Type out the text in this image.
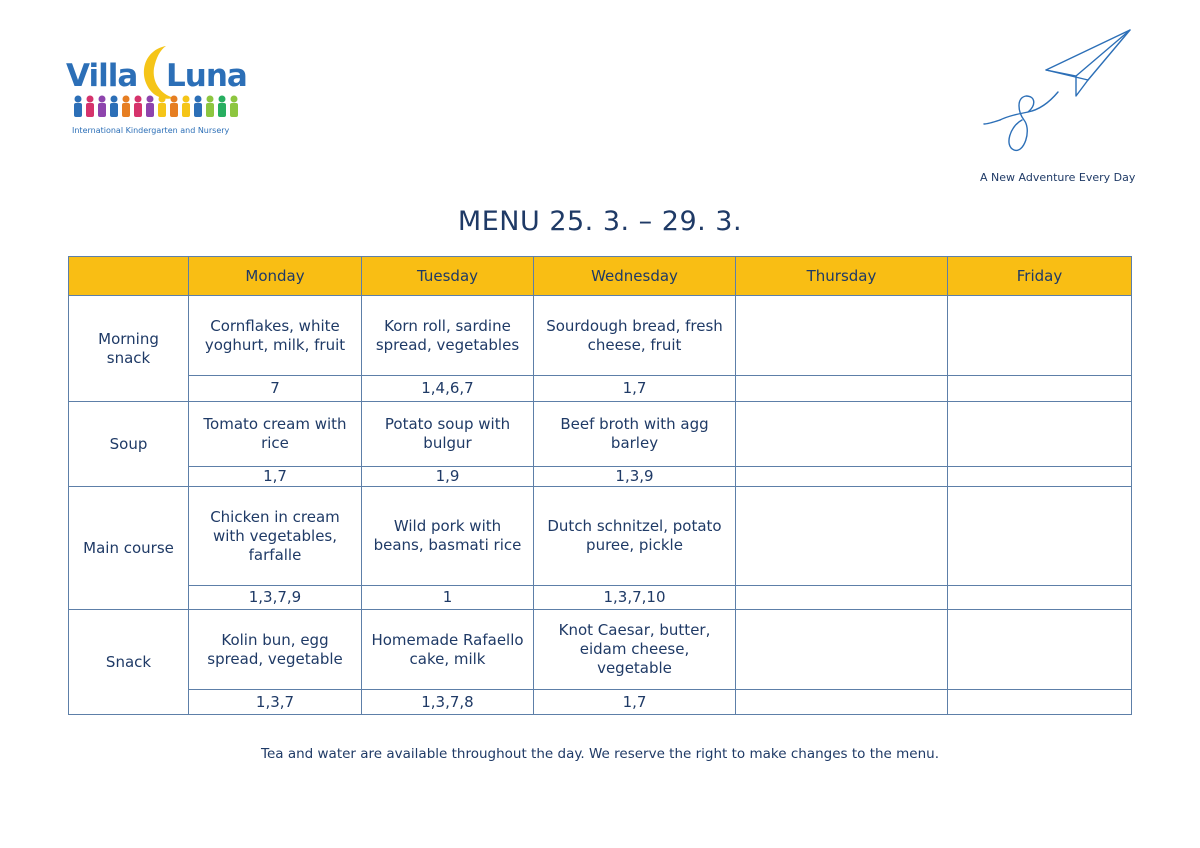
Villa Luna
International Kindergarten and Nursery
A New Adventure Every Day
MENU 25. 3. – 29. 3.
	Monday	Tuesday	Wednesday	Thursday	Friday
Morning snack	Cornflakes, white yoghurt, milk, fruit	Korn roll, sardine spread, vegetables	Sourdough bread, fresh cheese, fruit		
	7	1,4,6,7	1,7		
Soup	Tomato cream with rice	Potato soup with bulgur	Beef broth with agg barley		
	1,7	1,9	1,3,9		
Main course	Chicken in cream with vegetables, farfalle	Wild pork with beans, basmati rice	Dutch schnitzel, potato puree, pickle		
	1,3,7,9	1	1,3,7,10		
Snack	Kolin bun, egg spread, vegetable	Homemade Rafaello cake, milk	Knot Caesar, butter, eidam cheese, vegetable		
	1,3,7	1,3,7,8	1,7		
Tea and water are available throughout the day. We reserve the right to make changes to the menu.
